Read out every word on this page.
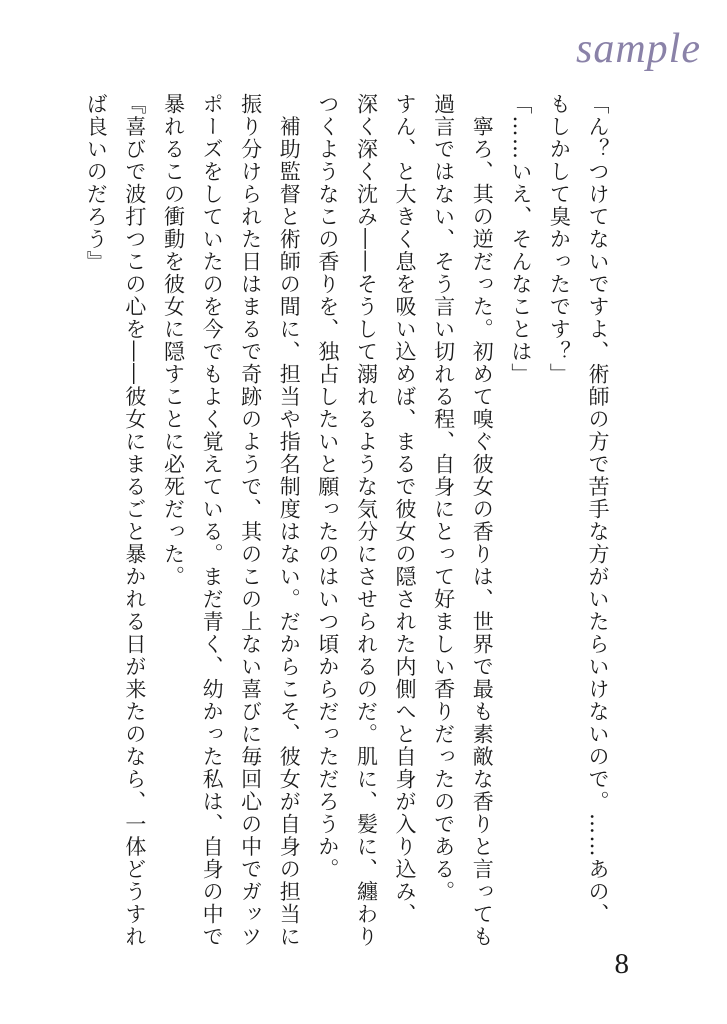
sample
「ん？つけてないですよ、術師の方で苦手な方がいたらいけないので。……あの、
もしかして臭かったです？」
「……いえ、そんなことは」
　寧ろ、其の逆だった。初めて嗅ぐ彼女の香りは、世界で最も素敵な香りと言っても
過言ではない、そう言い切れる程、自身にとって好ましい香りだったのである。
すん、と大きく息を吸い込めば、まるで彼女の隠された内側へと自身が入り込み、
深く深く沈み――そうして溺れるような気分にさせられるのだ。肌に、髪に、纏わり
つくようなこの香りを、独占したいと願ったのはいつ頃からだっただろうか。
　補助監督と術師の間に、担当や指名制度はない。だからこそ、彼女が自身の担当に
振り分けられた日はまるで奇跡のようで、其のこの上ない喜びに毎回心の中でガッツ
ポーズをしていたのを今でもよく覚えている。まだ青く、幼かった私は、自身の中で
暴れるこの衝動を彼女に隠すことに必死だった。
『喜びで波打つこの心を――彼女にまるごと暴かれる日が来たのなら、一体どうすれ
ば良いのだろう』
8
